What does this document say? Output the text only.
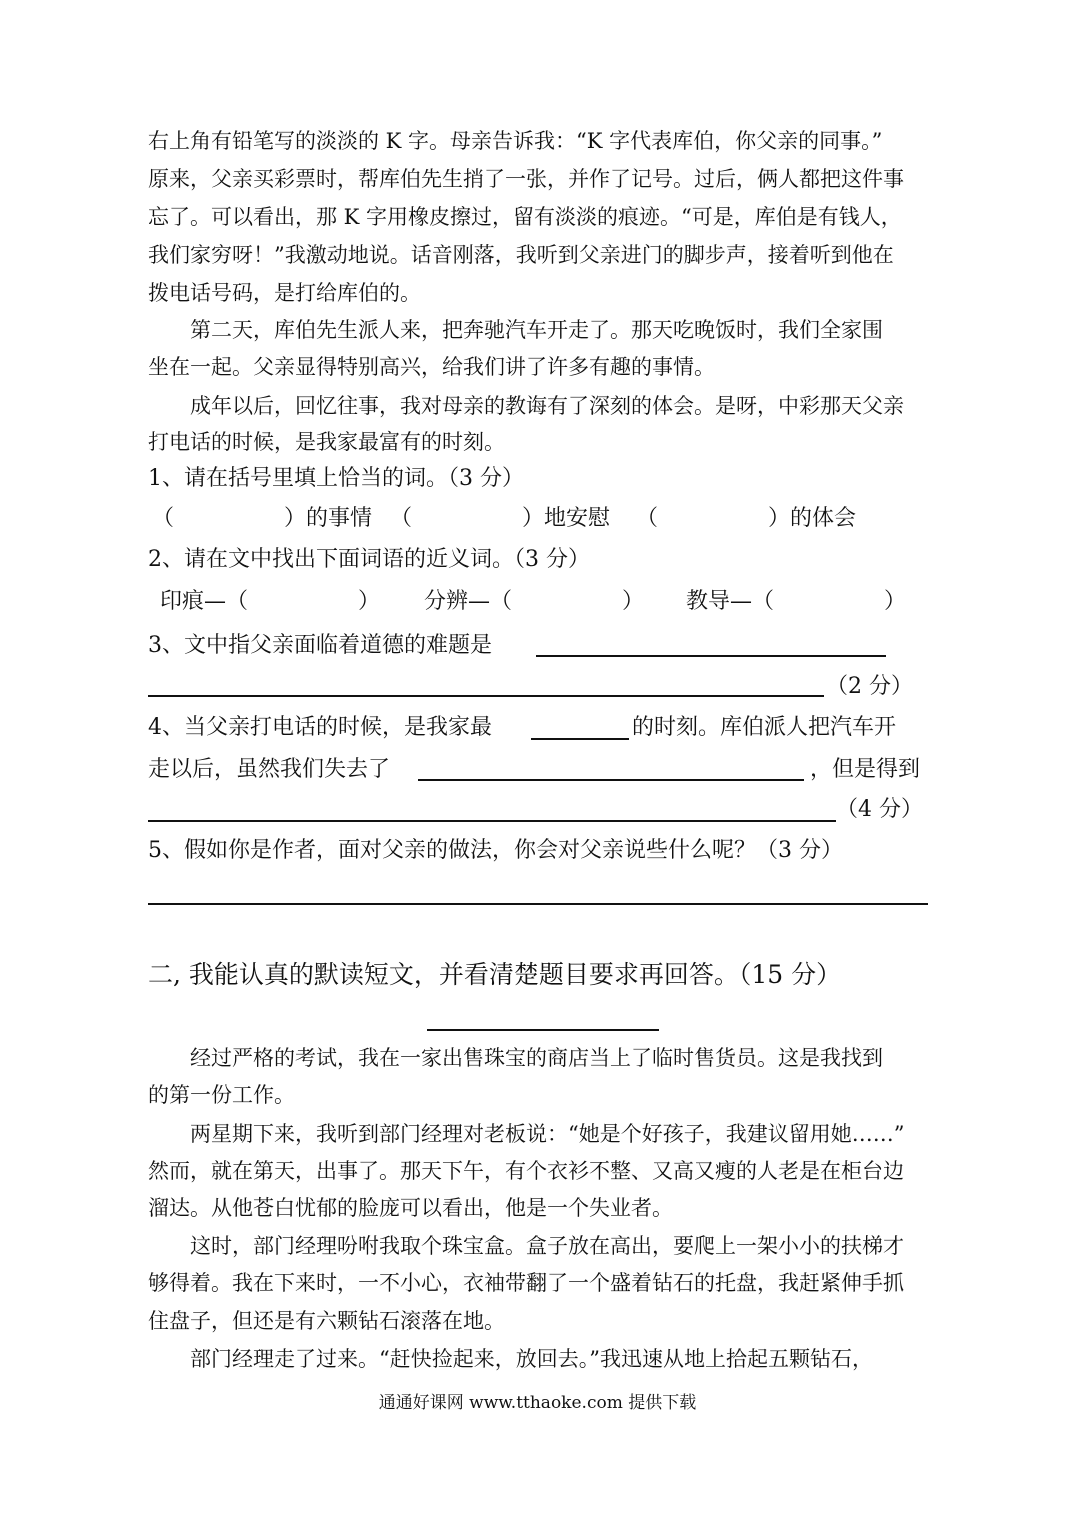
右上角有铅笔写的淡淡的 K 字。母亲告诉我：“K 字代表库伯，你父亲的同事。”
原来，父亲买彩票时，帮库伯先生捎了一张，并作了记号。过后，俩人都把这件事
忘了。可以看出，那 K 字用橡皮擦过，留有淡淡的痕迹。“可是，库伯是有钱人，
我们家穷呀！”我激动地说。话音刚落，我听到父亲进门的脚步声，接着听到他在
拨电话号码，是打给库伯的。
　　第二天，库伯先生派人来，把奔驰汽车开走了。那天吃晚饭时，我们全家围
坐在一起。父亲显得特别高兴，给我们讲了许多有趣的事情。
　　成年以后，回忆往事，我对母亲的教诲有了深刻的体会。是呀，中彩那天父亲
打电话的时候，是我家最富有的时刻。
1、请在括号里填上恰当的词。（3 分）
（　　　　　）的事情 （　　　　　）地安慰 （　　　　　）的体会
2、请在文中找出下面词语的近义词。（3 分）
印痕—（　　　　　） 分辨—（　　　　　） 教导—（　　　　　）
3、文中指父亲面临着道德的难题是
（2 分）
4、当父亲打电话的时候，是我家最	的时刻。库伯派人把汽车开
走以后，虽然我们失去了	，但是得到
（4 分）
5、假如你是作者，面对父亲的做法，你会对父亲说些什么呢？（3 分）
二, 我能认真的默读短文，并看清楚题目要求再回答。（15 分）
　　经过严格的考试，我在一家出售珠宝的商店当上了临时售货员。这是我找到
的第一份工作。
　　两星期下来，我听到部门经理对老板说：“她是个好孩子，我建议留用她……”
然而，就在第天，出事了。那天下午，有个衣衫不整、又高又瘦的人老是在柜台边
溜达。从他苍白忧郁的脸庞可以看出，他是一个失业者。
　　这时，部门经理吩咐我取个珠宝盒。盒子放在高出，要爬上一架小小的扶梯才
够得着。我在下来时，一不小心，衣袖带翻了一个盛着钻石的托盘，我赶紧伸手抓
住盘子，但还是有六颗钻石滚落在地。
　　部门经理走了过来。“赶快捡起来，放回去。”我迅速从地上拾起五颗钻石，
通通好课网 www.tthaoke.com 提供下载
